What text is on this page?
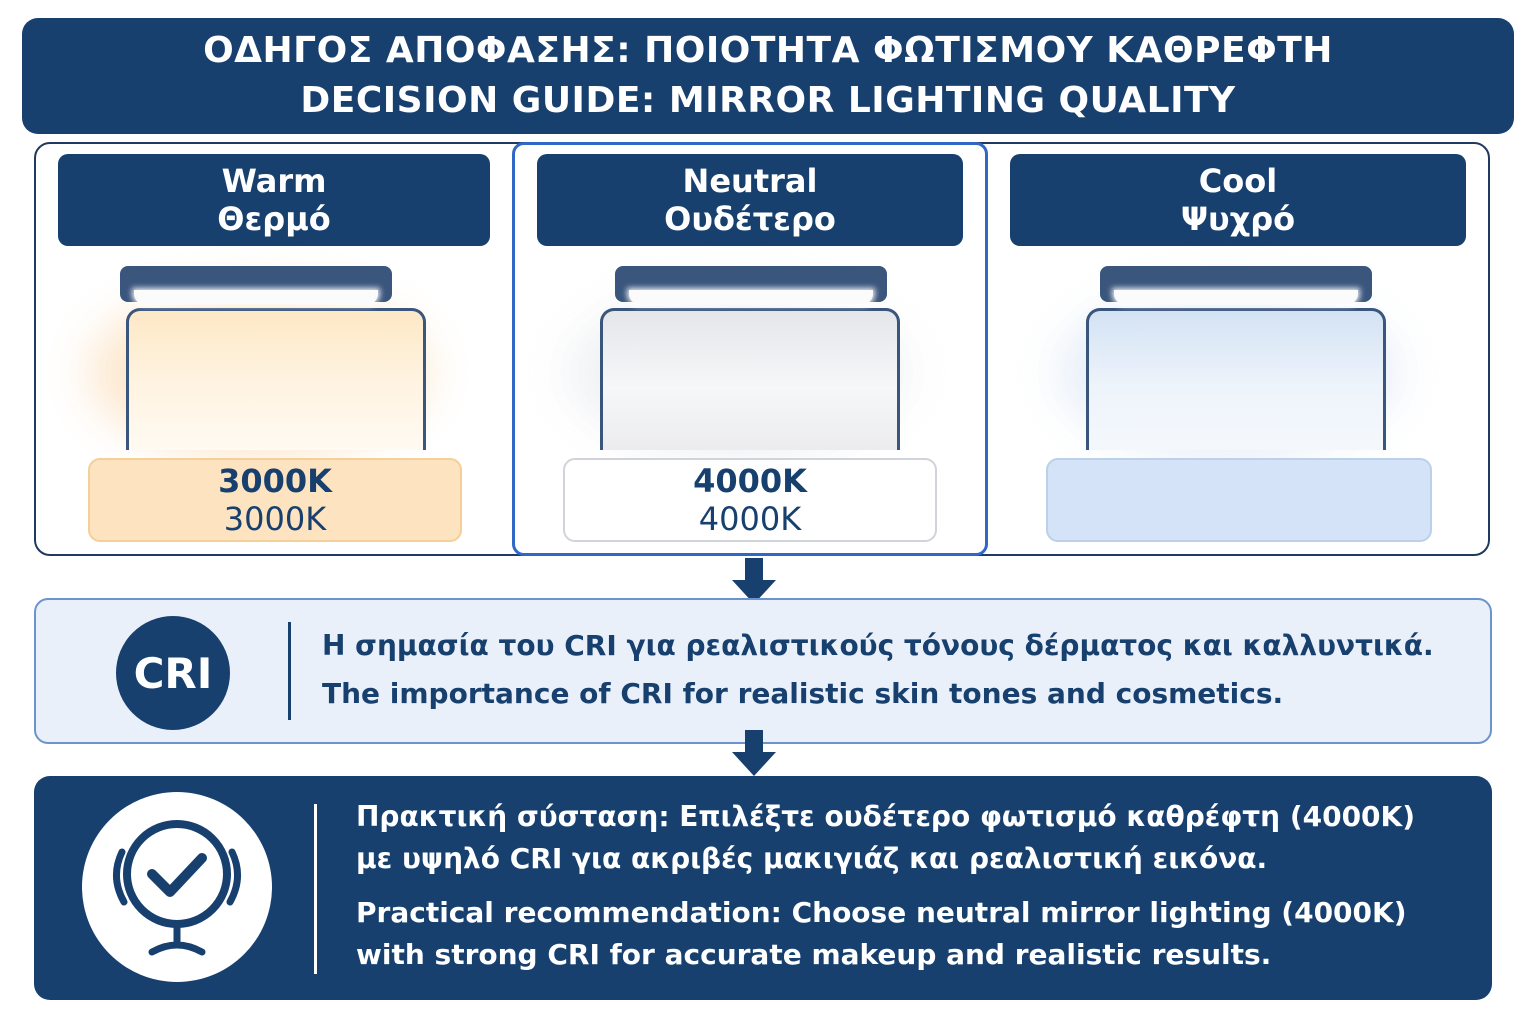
ΟΔΗΓΟΣ ΑΠΟΦΑΣΗΣ: ΠΟΙΟΤΗΤΑ ΦΩΤΙΣΜΟΥ ΚΑΘΡΕΦΤΗ
DECISION GUIDE: MIRROR LIGHTING QUALITY
Warm
Θερμό
3000K
3000K
Neutral
Ουδέτερο
4000K
4000K
Cool
Ψυχρό
CRI
Η σημασία του CRI για ρεαλιστικούς τόνους δέρματος και καλλυντικά.
The importance of CRI for realistic skin tones and cosmetics.
Πρακτική σύσταση: Επιλέξτε ουδέτερο φωτισμό καθρέφτη (4000K)
με υψηλό CRI για ακριβές μακιγιάζ και ρεαλιστική εικόνα.
Practical recommendation: Choose neutral mirror lighting (4000K)
with strong CRI for accurate makeup and realistic results.
